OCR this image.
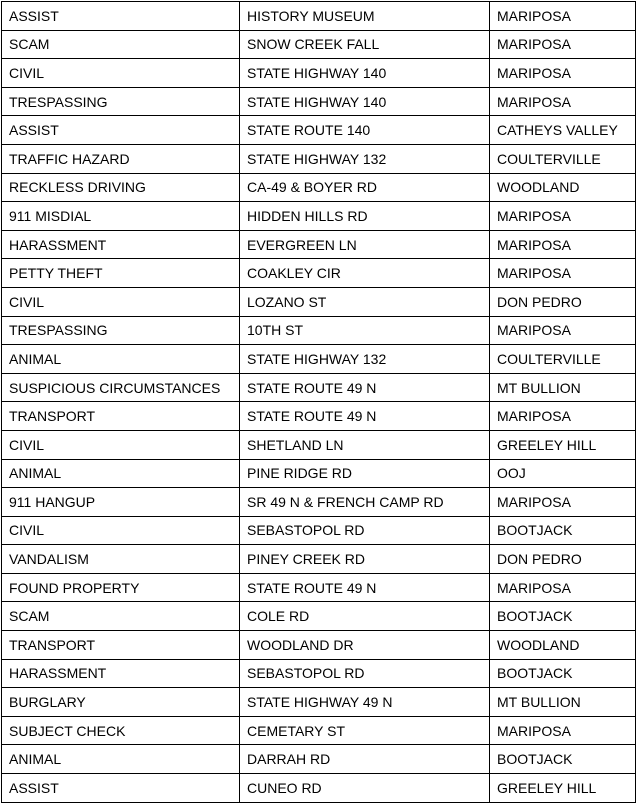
ASSIST	HISTORY MUSEUM	MARIPOSA
SCAM	SNOW CREEK FALL	MARIPOSA
CIVIL	STATE HIGHWAY 140	MARIPOSA
TRESPASSING	STATE HIGHWAY 140	MARIPOSA
ASSIST	STATE ROUTE 140	CATHEYS VALLEY
TRAFFIC HAZARD	STATE HIGHWAY 132	COULTERVILLE
RECKLESS DRIVING	CA-49 & BOYER RD	WOODLAND
911 MISDIAL	HIDDEN HILLS RD	MARIPOSA
HARASSMENT	EVERGREEN LN	MARIPOSA
PETTY THEFT	COAKLEY CIR	MARIPOSA
CIVIL	LOZANO ST	DON PEDRO
TRESPASSING	10TH ST	MARIPOSA
ANIMAL	STATE HIGHWAY 132	COULTERVILLE
SUSPICIOUS CIRCUMSTANCES	STATE ROUTE 49 N	MT BULLION
TRANSPORT	STATE ROUTE 49 N	MARIPOSA
CIVIL	SHETLAND LN	GREELEY HILL
ANIMAL	PINE RIDGE RD	OOJ
911 HANGUP	SR 49 N & FRENCH CAMP RD	MARIPOSA
CIVIL	SEBASTOPOL RD	BOOTJACK
VANDALISM	PINEY CREEK RD	DON PEDRO
FOUND PROPERTY	STATE ROUTE 49 N	MARIPOSA
SCAM	COLE RD	BOOTJACK
TRANSPORT	WOODLAND DR	WOODLAND
HARASSMENT	SEBASTOPOL RD	BOOTJACK
BURGLARY	STATE HIGHWAY 49 N	MT BULLION
SUBJECT CHECK	CEMETARY ST	MARIPOSA
ANIMAL	DARRAH RD	BOOTJACK
ASSIST	CUNEO RD	GREELEY HILL
